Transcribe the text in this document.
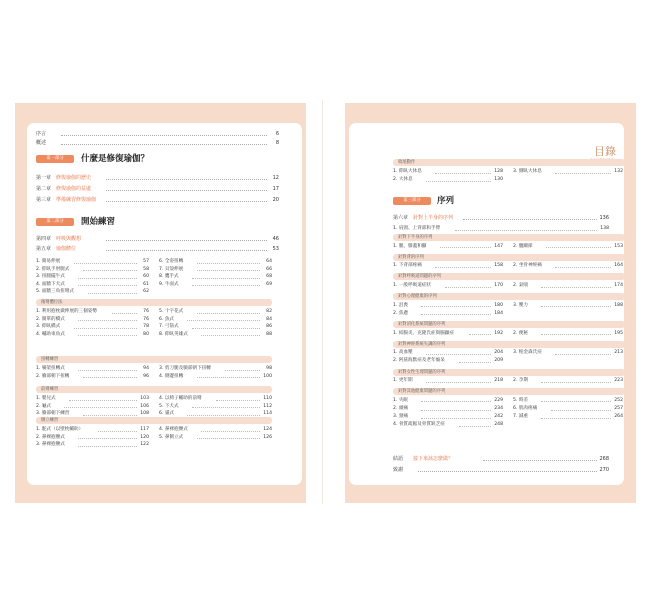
序言	6
概述	8
第一部分	什麼是修復瑜伽？
第一章 修復瑜伽的歷史	12
第二章 修復瑜伽的益處	17
第三章 準備練習修復瑜伽	20
第二部分	開始練習
第四章 呼吸與觀想	46
第五章 瑜伽體位	53
1. 簡易伸展	57 6. 全姿扭轉	64
2. 仰臥手肘腿式	58 7. 貝殼伸展	66
3. 扭腿擺牛式	60 8. 鷹手式	68
4. 面牆下犬式	61 9. 牛面式	69
5. 面牆三角扭彎式	62
後彎體位法
1. 利用抱枕做伸展的三個姿勢	76 5. 十字花式	82
2. 簡單的橋式	76 6. 魚式	84
3. 仰臥橋式	78 7. 弓箭式	86
4. 輔助束角式	80 8. 仰臥英雄式	88
扭轉練習
1. 躺架扭轉式	94 3. 剪刀腿及臉部朝下扭轉	98
2. 臉部朝下扭轉	96 4. 側邊扭轉	100
前彎練習
1. 嬰兒式	103 4. 以椅子輔助的前彎	110
2. 龜式	106 5. 下犬式	112
3. 臉部朝下練習	108 6. 貓式	114
側立練習
1. 駝式（以壁枕輔助）	117 4. 鼻裸抱腰式	124
2. 鼻裸抱腰式	120 5. 鼻側立式	126
3. 鼻裸抱腰式	122
目錄
收尾動作
1. 仰臥大休息	128 3. 側臥大休息	132
2. 大休息	130
第三部分	序列
第六章 針對上半身的序列	136
1. 肩頸、上背部和手臂	138
針對下半身的序列
1. 腿、膝蓋和腳	147 2. 髖關節	153
針對背的序列
1. 下背部疼痛	158 2. 坐骨神經痛	164
針對呼吸道問題的序列
1. 一般呼吸道症狀	170 2. 氣喘	174
針對心理健康的序列
1. 沮喪	180 3. 壓力	188
2. 焦慮	184
針對消化系統問題的序列
1. 結腸炎、克隆氏症與腸躁症	192 2. 便秘	195
針對神經系統失調的序列
1. 高血壓	204 3. 帕金森氏症	213
2. 阿茲海默症及老年癡呆	209
針對女性生理問題的序列
1. 更年期	218 2. 孕期	223
針對其他健康問題的序列
1. 失眠	229 5. 時差	252
2. 頭痛	234 6. 肌肉疼痛	257
3. 頸痛	242 7. 減重	264
4. 骨質疏鬆及骨質缺乏症	248
結語 接下來該怎麼做？	268
致謝	270
